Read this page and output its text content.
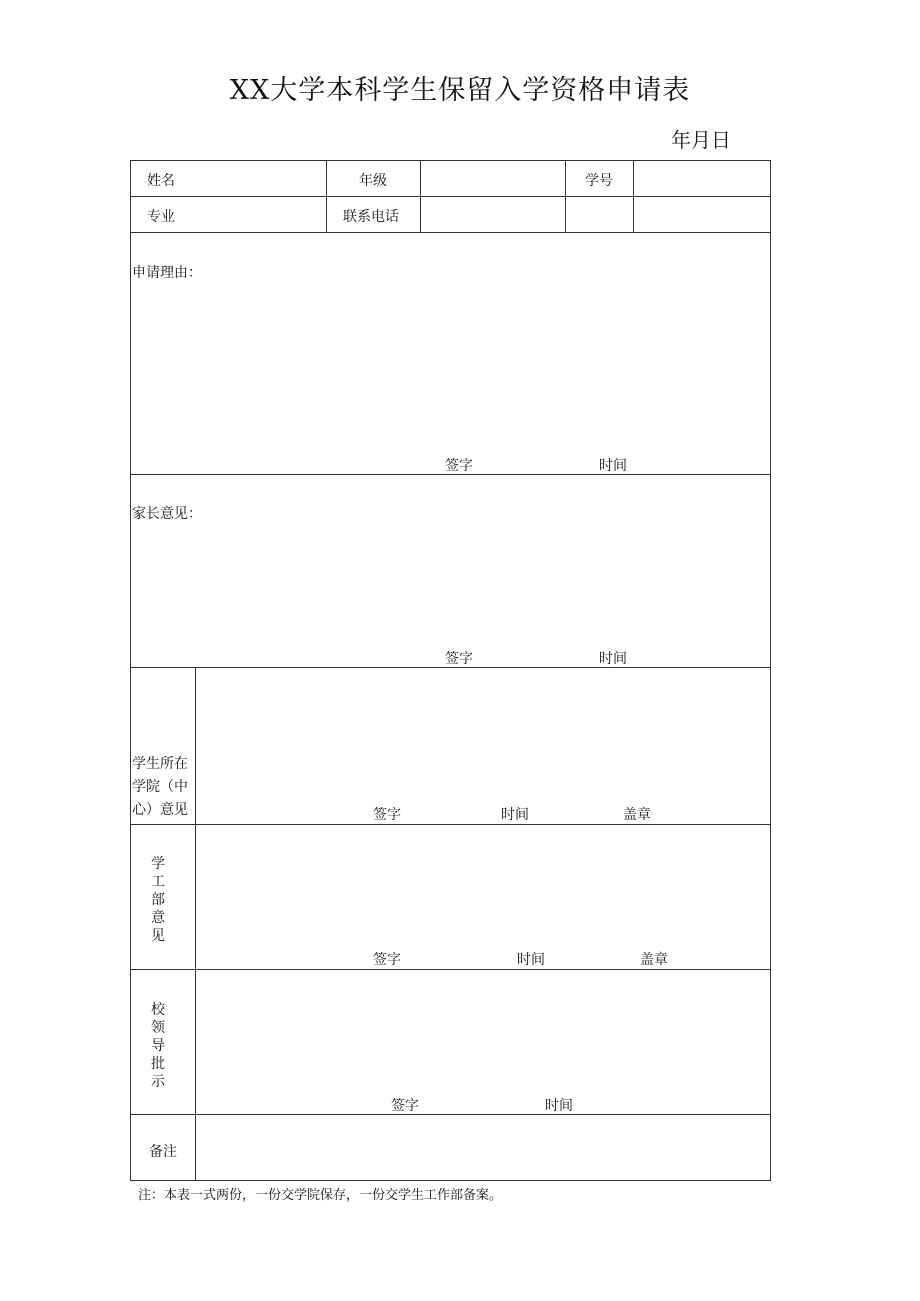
XX大学本科学生保留入学资格申请表
年月日
姓名	年级	学号
专业	联系电话
申请理由：
签字	时间
家长意见：
签字	时间
学生所在
学院（中
心）意见	签字	时间	盖章
学工部意见
签字	时间	盖章
校领导批示
签字	时间
备注
注：本表一式两份，一份交学院保存，一份交学生工作部备案。
